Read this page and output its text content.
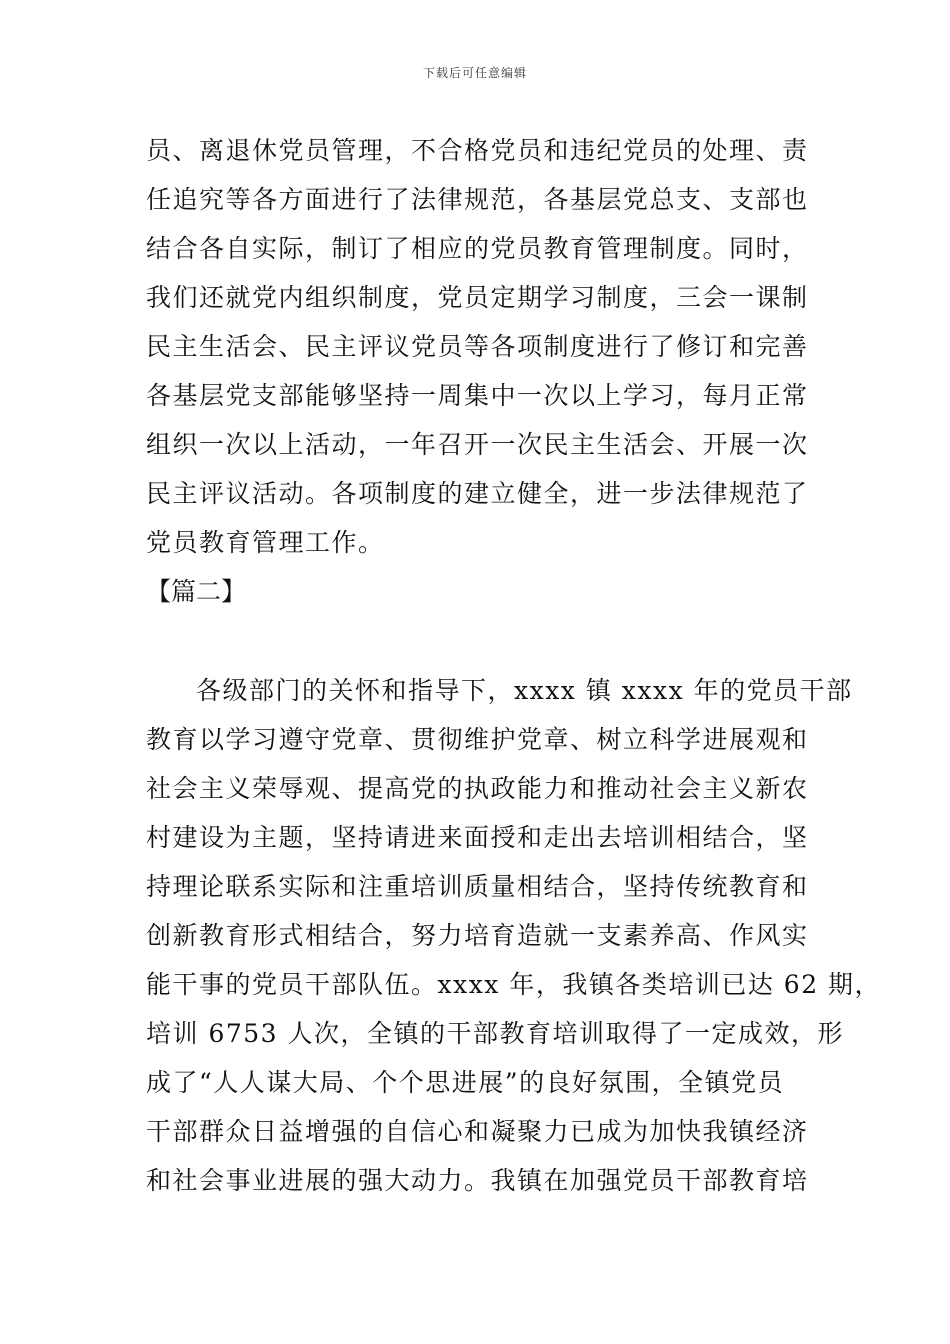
下载后可任意编辑
员、离退休党员管理，不合格党员和违纪党员的处理、责
任追究等各方面进行了法律规范，各基层党总支、支部也
结合各自实际，制订了相应的党员教育管理制度。同时，
我们还就党内组织制度，党员定期学习制度，三会一课制
民主生活会、民主评议党员等各项制度进行了修订和完善
各基层党支部能够坚持一周集中一次以上学习，每月正常
组织一次以上活动，一年召开一次民主生活会、开展一次
民主评议活动。各项制度的建立健全，进一步法律规范了
党员教育管理工作。
【篇二】
各级部门的关怀和指导下，xxxx 镇 xxxx 年的党员干部
教育以学习遵守党章、贯彻维护党章、树立科学进展观和
社会主义荣辱观、提高党的执政能力和推动社会主义新农
村建设为主题，坚持请进来面授和走出去培训相结合，坚
持理论联系实际和注重培训质量相结合，坚持传统教育和
创新教育形式相结合，努力培育造就一支素养高、作风实
能干事的党员干部队伍。xxxx 年，我镇各类培训已达 62 期，
培训 6753 人次，全镇的干部教育培训取得了一定成效，形
成了“人人谋大局、个个思进展”的良好氛围，全镇党员
干部群众日益增强的自信心和凝聚力已成为加快我镇经济
和社会事业进展的强大动力。我镇在加强党员干部教育培
